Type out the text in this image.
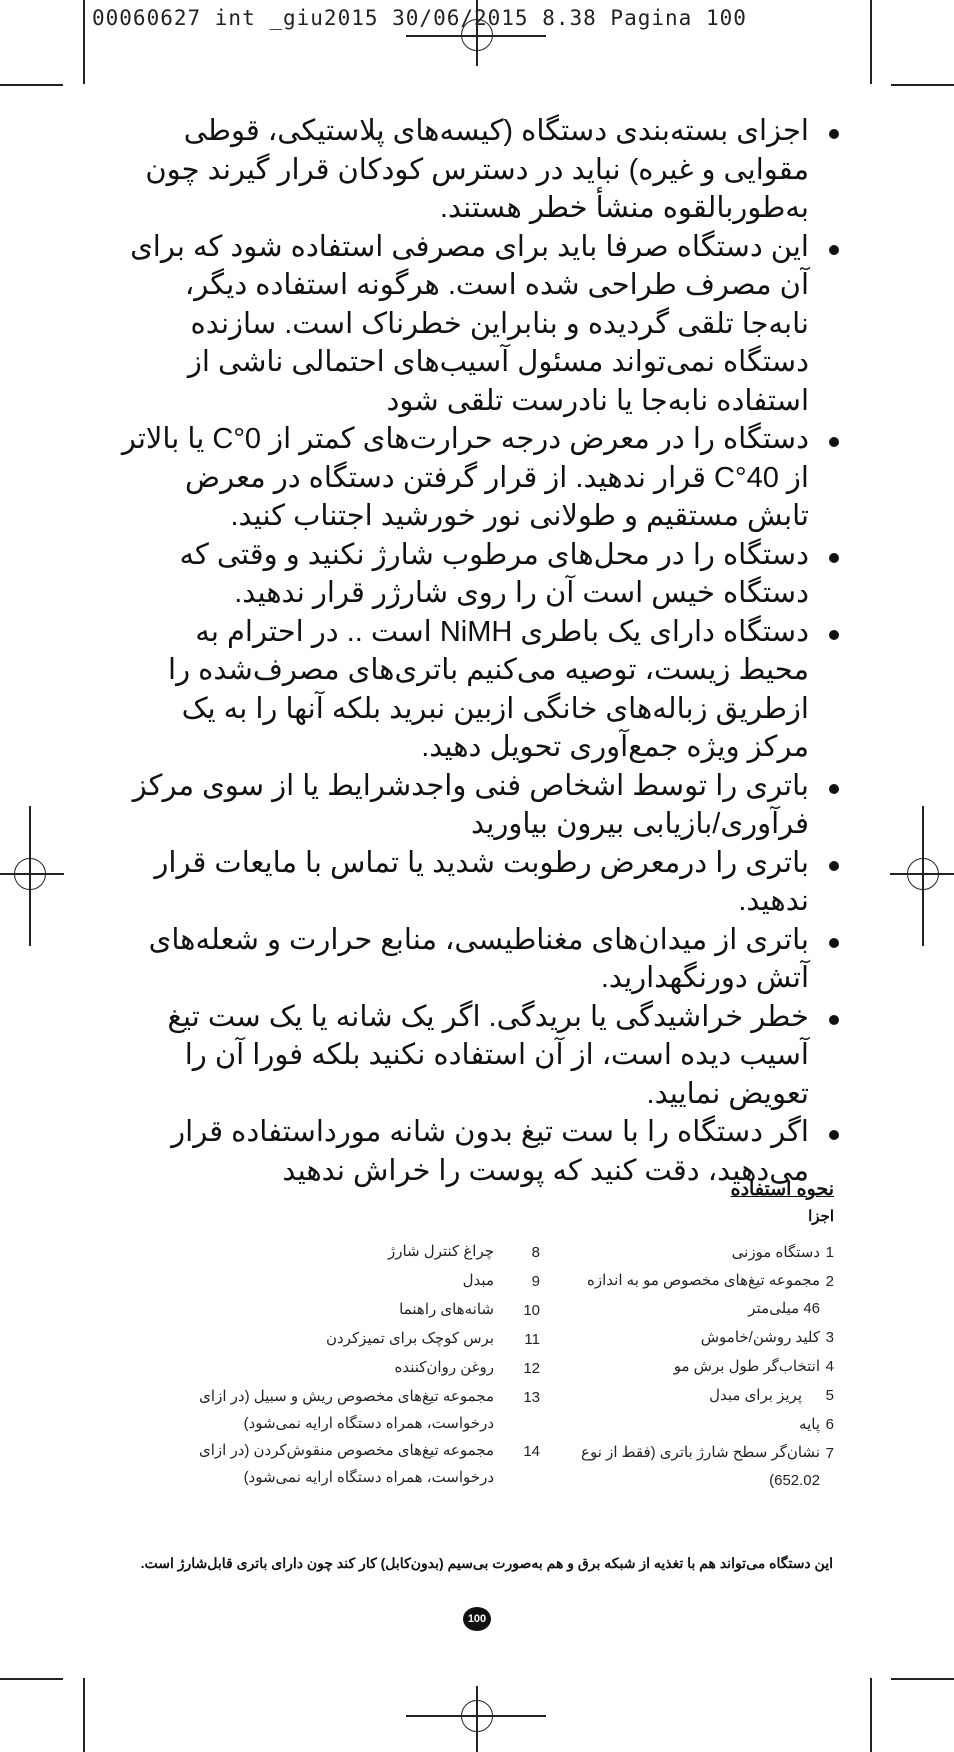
00060627 int _giu2015 30/06/2015 8.38 Pagina 100
اجزای بسته‌بندی دستگاه (کیسه‌های پلاستیکی، قوطی مقوایی و غیره) نباید در دسترس کودکان قرار گیرند چون به‌طوربالقوه منشأ خطر هستند.
این دستگاه صرفا باید برای مصرفی استفاده شود که برای آن مصرف طراحی شده است. هرگونه استفاده دیگر، نابه‌جا تلقی گردیده و بنابراین خطرناک است. سازنده دستگاه نمی‌تواند مسئول آسیب‌های احتمالی ناشی از استفاده نابه‌جا یا نادرست تلقی شود
دستگاه را در معرض درجه حرارت‌های کمتر از 0°C یا بالاتر از 40°C قرار ندهید. از قرار گرفتن دستگاه در معرض تابش مستقیم و طولانی نور خورشید اجتناب کنید.
دستگاه را در محل‌های مرطوب شارژ نکنید و وقتی که دستگاه خیس است آن را روی شارژر قرار ندهید.
دستگاه دارای یک باطری NiMH است .. در احترام به محیط زیست، توصیه می‌کنیم باتری‌های مصرف‌شده را ازطریق زباله‌های خانگی ازبین نبرید بلکه آنها را به یک مرکز ویژه جمع‌آوری تحویل دهید.
باتری را توسط اشخاص فنی واجدشرایط یا از سوی مرکز فرآوری/بازیابی بیرون بیاورید
باتری را درمعرض رطوبت شدید یا تماس با مایعات قرار ندهید.
باتری از میدان‌های مغناطیسی، منابع حرارت و شعله‌های آتش دورنگهدارید.
خطر خراشیدگی یا بریدگی. اگر یک شانه یا یک ست تیغ آسیب دیده است، از آن استفاده نکنید بلکه فورا آن را تعویض نمایید.
اگر دستگاه را با ست تیغ بدون شانه مورداستفاده قرار می‌دهید، دقت کنید که پوست را خراش ندهید
نحوه استفاده
اجزا
1
دستگاه موزنی
2
مجموعه تیغ‌های مخصوص مو به اندازه 46 میلی‌متر
3
کلید روشن/خاموش
4
انتخاب‌گر طول برش مو
5
پریز برای مبدل
6
پایه
7
نشان‌گر سطح شارژ باتری (فقط از نوع 652.02)
8
چراغ کنترل شارژ
9
مبدل
10
شانه‌های راهنما
11
برس کوچک برای تمیزکردن
12
روغن روان‌کننده
13
مجموعه تیغ‌های مخصوص ریش و سبیل (در ازای درخواست، همراه دستگاه ارایه نمی‌شود)
14
مجموعه تیغ‌های مخصوص منقوش‌کردن (در ازای درخواست، همراه دستگاه ارایه نمی‌شود)
این دستگاه می‌تواند هم با تغذیه از شبکه برق و هم به‌صورت بی‌سیم (بدون‌کابل) کار کند چون دارای باتری قابل‌شارژ است.
100
